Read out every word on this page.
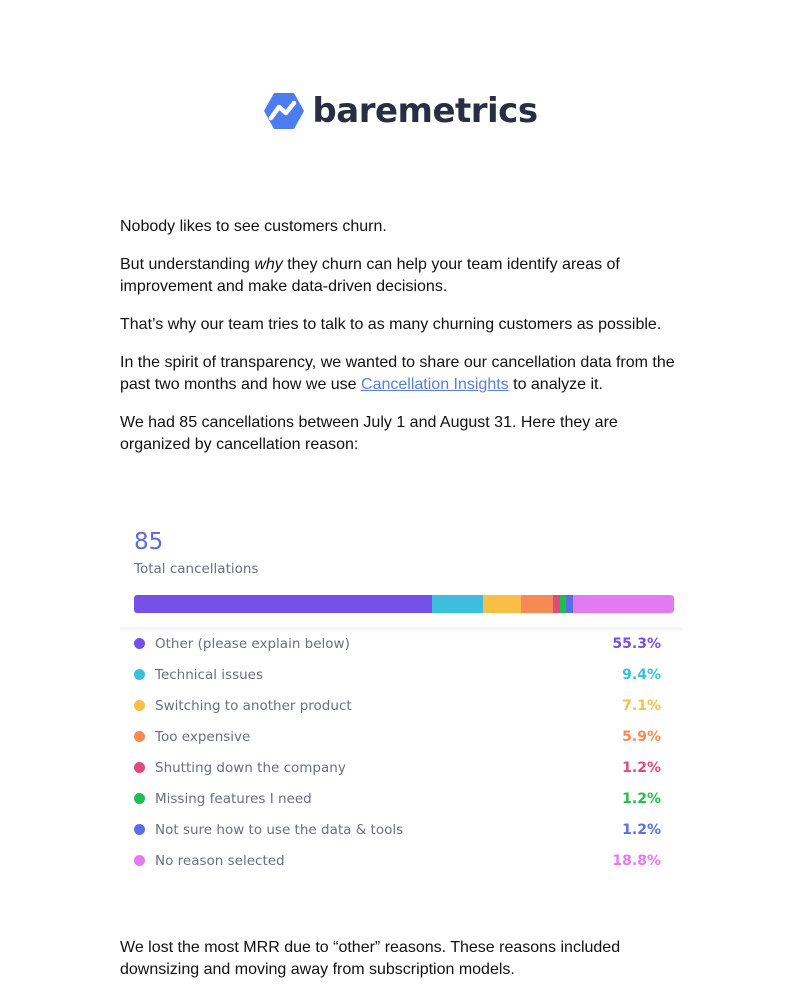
baremetrics

Nobody likes to see customers churn.

But understanding why they churn can help your team identify areas of improvement and make data-driven decisions.

That’s why our team tries to talk to as many churning customers as possible.

In the spirit of transparency, we wanted to share our cancellation data from the past two months and how we use Cancellation Insights to analyze it.

We had 85 cancellations between July 1 and August 31. Here they are organized by cancellation reason:

85
Total cancellations
Other (please explain below)	55.3%
Technical issues	9.4%
Switching to another product	7.1%
Too expensive	5.9%
Shutting down the company	1.2%
Missing features I need	1.2%
Not sure how to use the data & tools	1.2%
No reason selected	18.8%

We lost the most MRR due to “other” reasons. These reasons included downsizing and moving away from subscription models.
